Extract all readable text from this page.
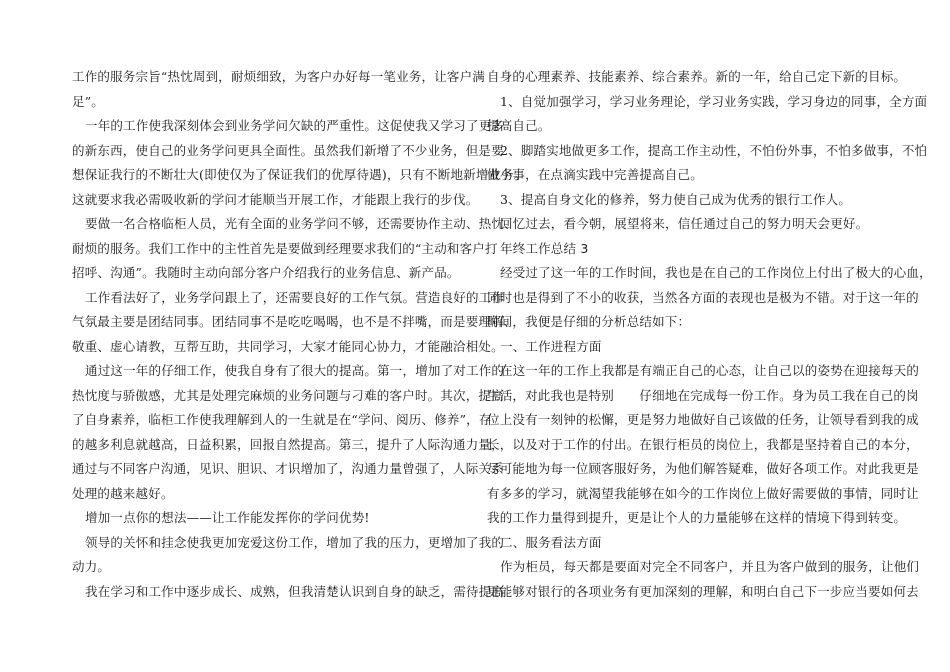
工作的服务宗旨“热忱周到，耐烦细致，为客户办好每一笔业务，让客户满
足”。
一年的工作使我深刻体会到业务学问欠缺的严重性。这促使我又学习了更多
的新东西，使自己的业务学问更具全面性。虽然我们新增了不少业务，但是要
想保证我行的不断壮大(即使仅为了保证我们的优厚待遇)，只有不断地新增业务。
这就要求我必需吸收新的学问才能顺当开展工作，才能跟上我行的步伐。
要做一名合格临柜人员，光有全面的业务学问不够，还需要协作主动、热忱、
耐烦的服务。我们工作中的主性首先是要做到经理要求我们的“主动和客户打
招呼、沟通”。我随时主动向部分客户介绍我行的业务信息、新产品。
工作看法好了，业务学问跟上了，还需要良好的工作气氛。营造良好的工作
气氛最主要是团结同事。团结同事不是吃吃喝喝，也不是不拌嘴，而是要理解、
敬重、虚心请教，互帮互助，共同学习，大家才能同心协力，才能融洽相处。
通过这一年的仔细工作，使我自身有了很大的提高。第一，增加了对工作的
热忱度与骄傲感，尤其是处理完麻烦的业务问题与刁难的客户时。其次，提高
了自身素养，临柜工作使我理解到人的一生就是在“学问、阅历、修养”，存
的越多利息就越高，日益积累，回报自然提高。第三，提升了人际沟通力量，
通过与不同客户沟通，见识、胆识、才识增加了，沟通力量曾强了，人际关系
处理的越来越好。
增加一点你的想法——让工作能发挥你的学问优势!
领导的关怀和挂念使我更加宠爱这份工作，增加了我的压力，更增加了我的
动力。
我在学习和工作中逐步成长、成熟，但我清楚认识到自身的缺乏，需待提高
自身的心理素养、技能素养、综合素养。新的一年，给自己定下新的目标。
1、自觉加强学习，学习业务理论，学习业务实践，学习身边的同事，全方面
提高自己。
2、脚踏实地做更多工作，提高工作主动性，不怕份外事，不怕多做事，不怕
做小事，在点滴实践中完善提高自己。
3、提高自身文化的修养，努力使自己成为优秀的银行工作人。
回忆过去，看今朝，展望将来，信任通过自己的努力明天会更好。
年终工作总结 3
经受过了这一年的工作时间，我也是在自己的工作岗位上付出了极大的心血，
同时也是得到了不小的收获，当然各方面的表现也是极为不错。对于这一年的
时间，我便是仔细的分析总结如下：
一、工作进程方面
在这一年的工作上我都是有端正自己的心态，让自己以的姿势在迎接每天的
生活，对此我也是特别　　仔细地在完成每一份工作。身为员工我在自己的岗
位上没有一刻钟的松懈，更是努力地做好自己该做的任务，让领导看到我的成
长，以及对于工作的付出。在银行柜员的岗位上，我都是坚持着自己的本分，
尽可能地为每一位顾客服好务，为他们解答疑难，做好各项工作。对此我更是
有多多的学习，就渴望我能够在如今的工作岗位上做好需要做的事情，同时让
我的工作力量得到提升，更是让个人的力量能够在这样的情境下得到转变。
二、服务看法方面
作为柜员，每天都是要面对完全不同客户，并且为客户做到的服务，让他们
更能够对银行的各项业务有更加深刻的理解，和明白自己下一步应当要如何去
